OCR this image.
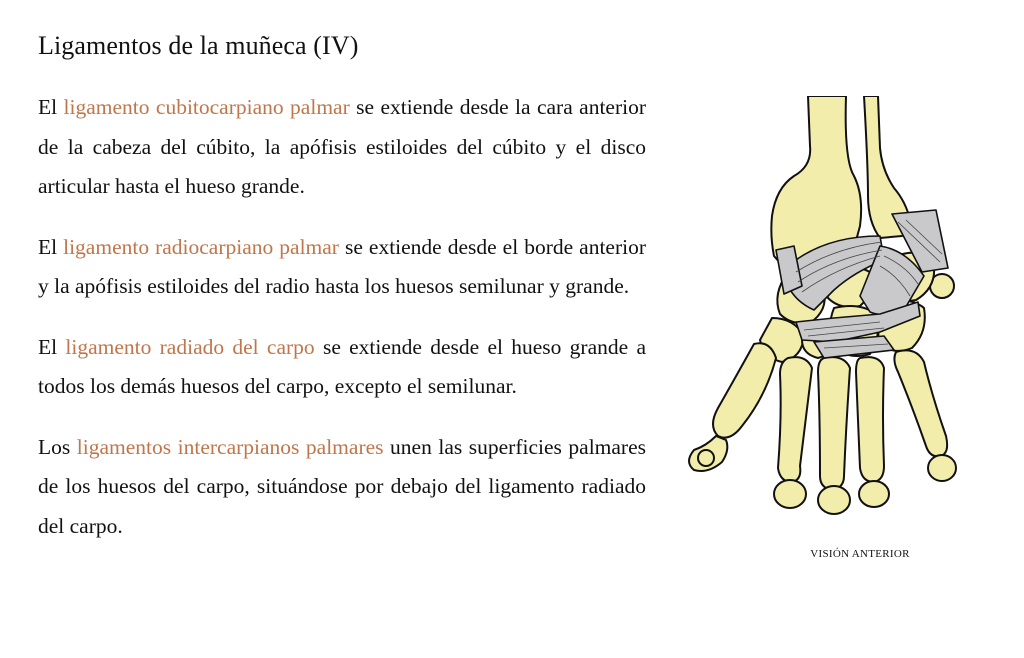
Ligamentos de la muñeca (IV)

El ligamento cubitocarpiano palmar se extiende desde la cara anterior de la cabeza del cúbito, la apófisis estiloides del cúbito y el disco articular hasta el hueso grande.

El ligamento radiocarpiano palmar se extiende desde el borde anterior y la apófisis estiloides del radio hasta los huesos semilunar y grande.

El ligamento radiado del carpo se extiende desde el hueso grande a todos los demás huesos del carpo, excepto el semilunar.

Los ligamentos intercarpianos palmares unen las superficies palmares de los huesos del carpo, situándose por debajo del ligamento radiado del carpo.

VISIÓN ANTERIOR
